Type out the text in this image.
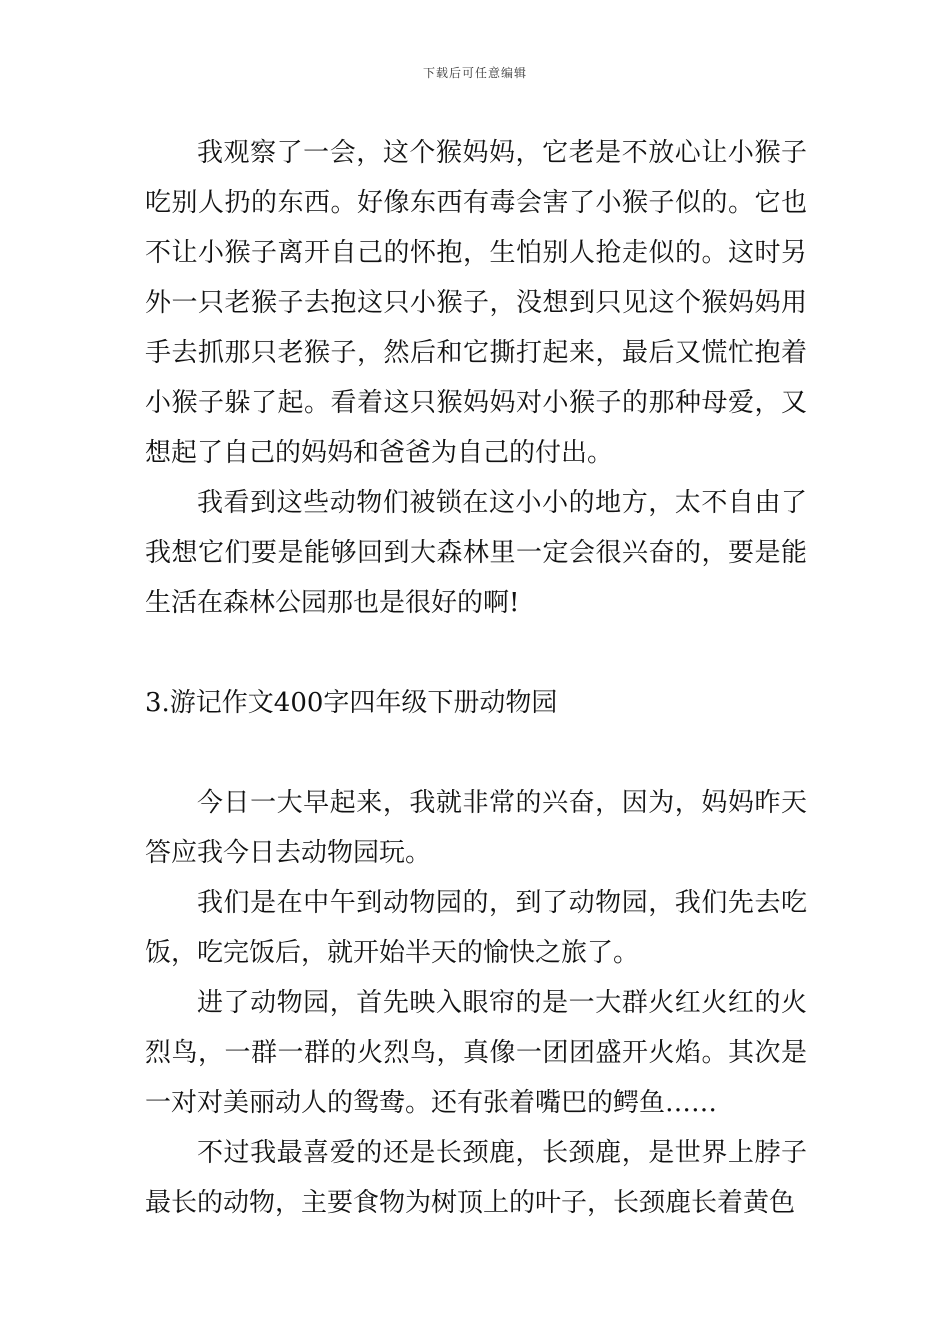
下载后可任意编辑

我观察了一会，这个猴妈妈，它老是不放心让小猴子吃别人扔的东西。好像东西有毒会害了小猴子似的。它也不让小猴子离开自己的怀抱，生怕别人抢走似的。这时另外一只老猴子去抱这只小猴子，没想到只见这个猴妈妈用手去抓那只老猴子，然后和它撕打起来，最后又慌忙抱着小猴子躲了起。看着这只猴妈妈对小猴子的那种母爱，又想起了自己的妈妈和爸爸为自己的付出。

我看到这些动物们被锁在这小小的地方，太不自由了我想它们要是能够回到大森林里一定会很兴奋的，要是能生活在森林公园那也是很好的啊!

3.游记作文400字四年级下册动物园

今日一大早起来，我就非常的兴奋，因为，妈妈昨天答应我今日去动物园玩。

我们是在中午到动物园的，到了动物园，我们先去吃饭，吃完饭后，就开始半天的愉快之旅了。

进了动物园，首先映入眼帘的是一大群火红火红的火烈鸟，一群一群的火烈鸟，真像一团团盛开火焰。其次是一对对美丽动人的鸳鸯。还有张着嘴巴的鳄鱼……

不过我最喜爱的还是长颈鹿，长颈鹿，是世界上脖子最长的动物，主要食物为树顶上的叶子，长颈鹿长着黄色
